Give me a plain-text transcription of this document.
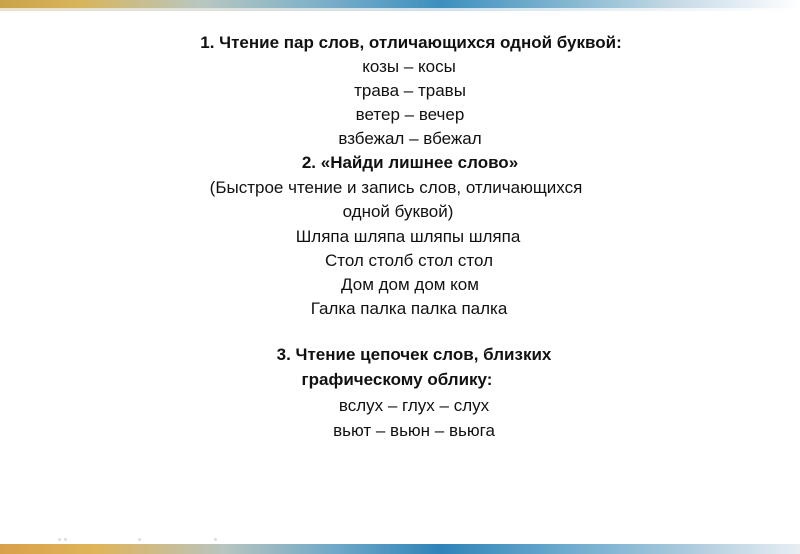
1. Чтение пар слов, отличающихся одной буквой:
козы – косы
трава – травы
ветер – вечер
взбежал – вбежал
2. «Найди лишнее слово»
(Быстрое чтение и запись слов, отличающихся
одной буквой)
Шляпа шляпа шляпы шляпа
Стол столб стол стол
Дом дом дом ком
Галка палка палка палка
3. Чтение цепочек слов, близких
графическому облику:
вслух – глух – слух
вьют – вьюн – вьюга
